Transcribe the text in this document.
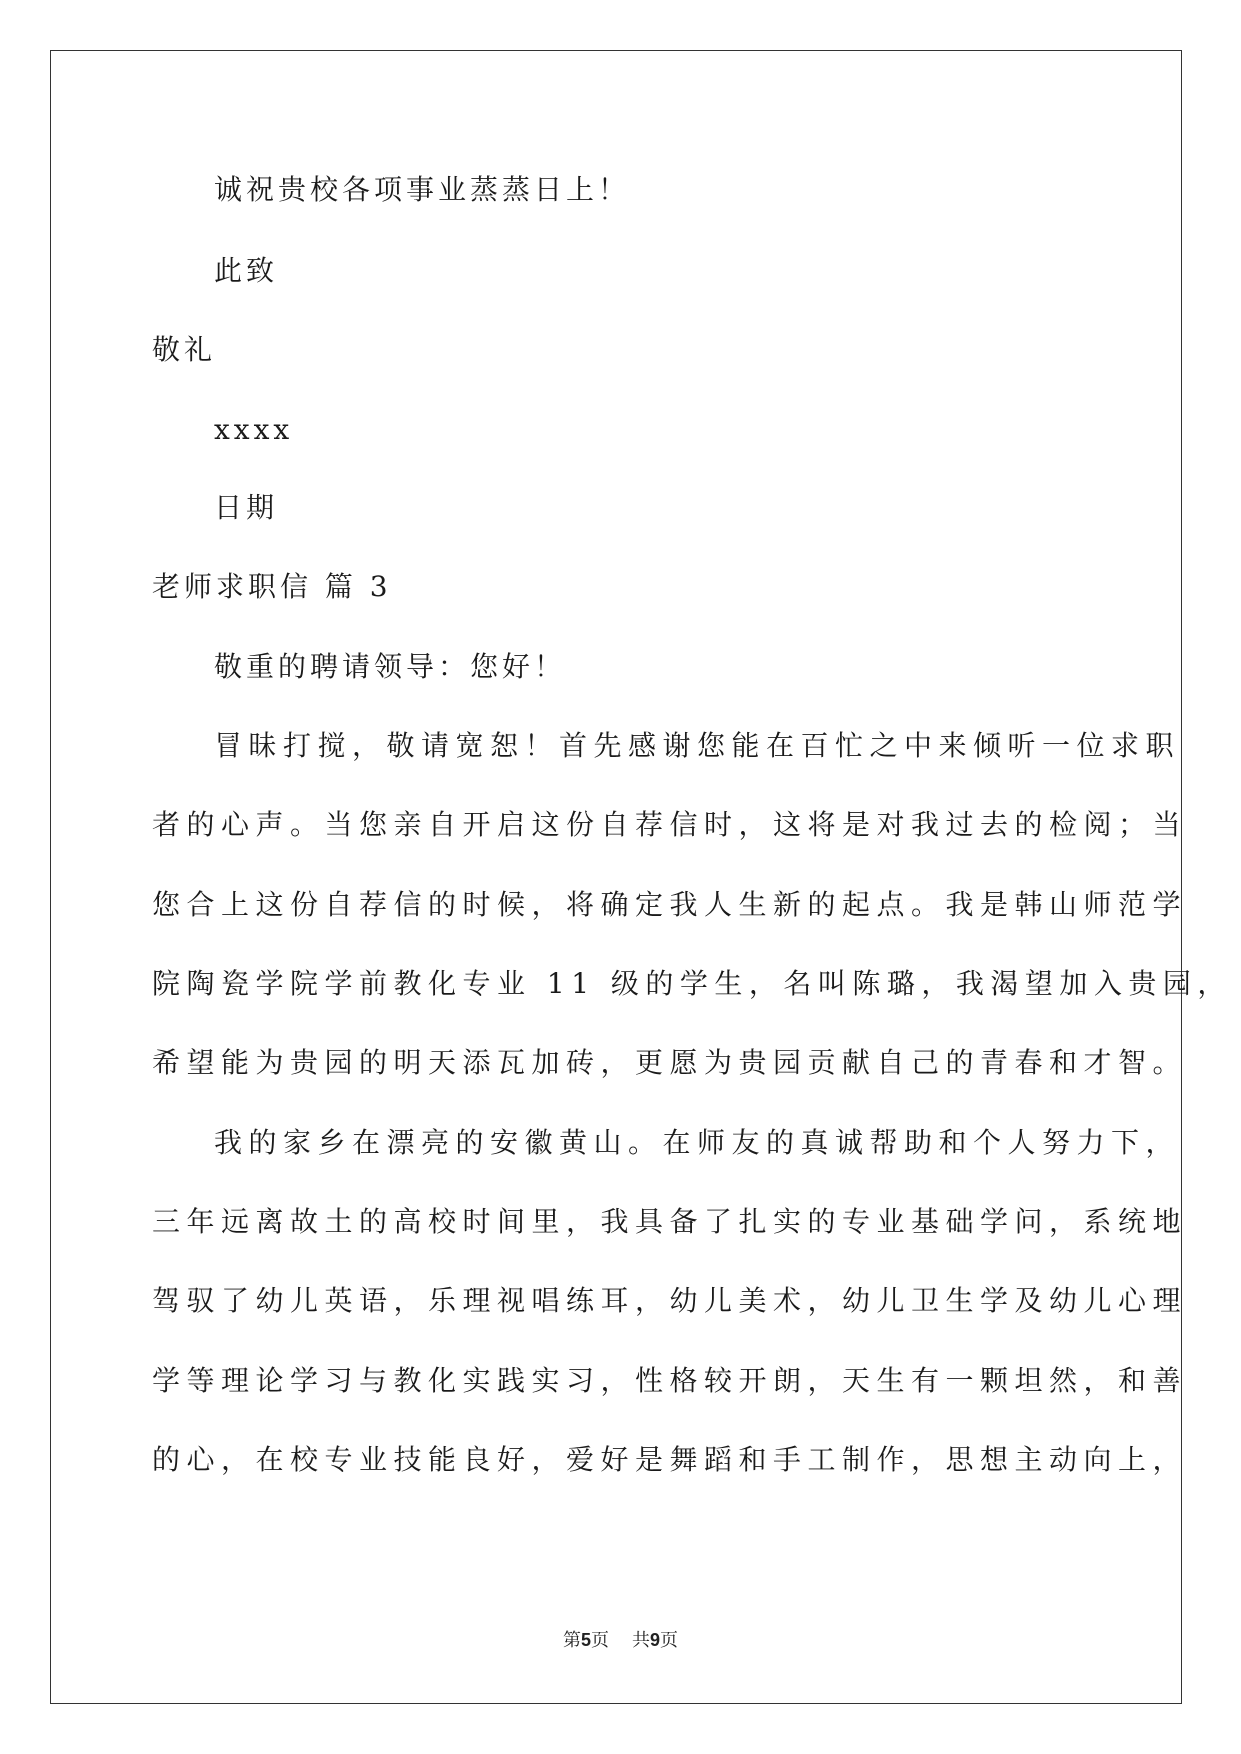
诚祝贵校各项事业蒸蒸日上！
此致
敬礼
xxxx
日期
老师求职信 篇 3
敬重的聘请领导：您好！
冒昧打搅，敬请宽恕！首先感谢您能在百忙之中来倾听一位求职
者的心声。当您亲自开启这份自荐信时，这将是对我过去的检阅；当
您合上这份自荐信的时候，将确定我人生新的起点。我是韩山师范学
院陶瓷学院学前教化专业 11 级的学生，名叫陈璐，我渴望加入贵园，
希望能为贵园的明天添瓦加砖，更愿为贵园贡献自己的青春和才智。
我的家乡在漂亮的安徽黄山。在师友的真诚帮助和个人努力下，
三年远离故土的高校时间里，我具备了扎实的专业基础学问，系统地
驾驭了幼儿英语，乐理视唱练耳，幼儿美术，幼儿卫生学及幼儿心理
学等理论学习与教化实践实习，性格较开朗，天生有一颗坦然，和善
的心，在校专业技能良好，爱好是舞蹈和手工制作，思想主动向上，
第5页 共9页
